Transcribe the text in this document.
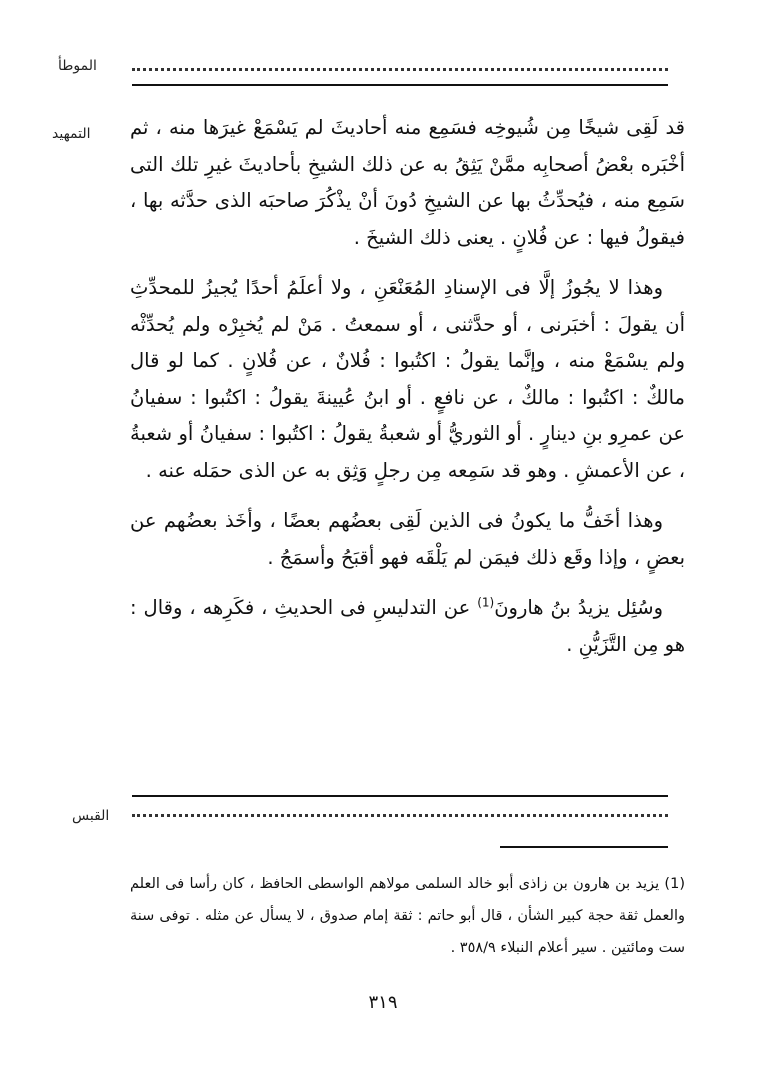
الموطأ
التمهيد قد لَقِى شيخًا مِن شُيوخِه فسَمِع منه أحاديثَ لم يَسْمَعْ غيرَها منه ، ثم أخْبَره بعْضُ أصحابِه ممَّنْ يَثِقُ به عن ذلك الشيخِ بأحاديثَ غيرِ تلك التى سَمِع منه ، فيُحدِّثُ بها عن الشيخِ دُونَ أنْ يذْكُرَ صاحبَه الذى حدَّثه بها ، فيقولُ فيها : عن فُلانٍ . يعنى ذلك الشيخَ .

وهذا لا يجُوزُ إلَّا فى الإسنادِ المُعَنْعَنِ ، ولا أعلَمُ أحدًا يُجيزُ للمحدِّثِ أن يقولَ : أخبَرنى ، أو حدَّثنى ، أو سمعتُ . مَنْ لم يُخبِرْه ولم يُحدِّثْه ولم يسْمَعْ منه ، وإنَّما يقولُ : اكتُبوا : فُلانٌ ، عن فُلانٍ . كما لو قال مالكٌ : اكتُبوا : مالكٌ ، عن نافعٍ . أو ابنُ عُيينةَ يقولُ : اكتُبوا : سفيانُ عن عمرِو بنِ دينارٍ . أو الثوريُّ أو شعبةُ يقولُ : اكتُبوا : سفيانُ أو شعبةُ ، عن الأعمشِ . وهو قد سَمِعه مِن رجلٍ وَثِق به عن الذى حمَله عنه .

وهذا أخَفُّ ما يكونُ فى الذين لَقِى بعضُهم بعضًا ، وأخَذ بعضُهم عن بعضٍ ، وإذا وقَع ذلك فيمَن لم يَلْقَه فهو أقبَحُ وأسمَجُ .

وسُئِل يزيدُ بنُ هارونَ$^{(1)}$ عن التدليسِ فى الحديثِ ، فكَرِهه ، وقال : هو مِن التَّزَيُّنِ .

القبس
(1) يزيد بن هارون بن زاذى أبو خالد السلمى مولاهم الواسطى الحافظ ، كان رأسا فى العلم والعمل ثقة حجة كبير الشأن ، قال أبو حاتم : ثقة إمام صدوق ، لا يسأل عن مثله . توفى سنة ست ومائتين . سير أعلام النبلاء ٣٥٨/٩ .
٣١٩
